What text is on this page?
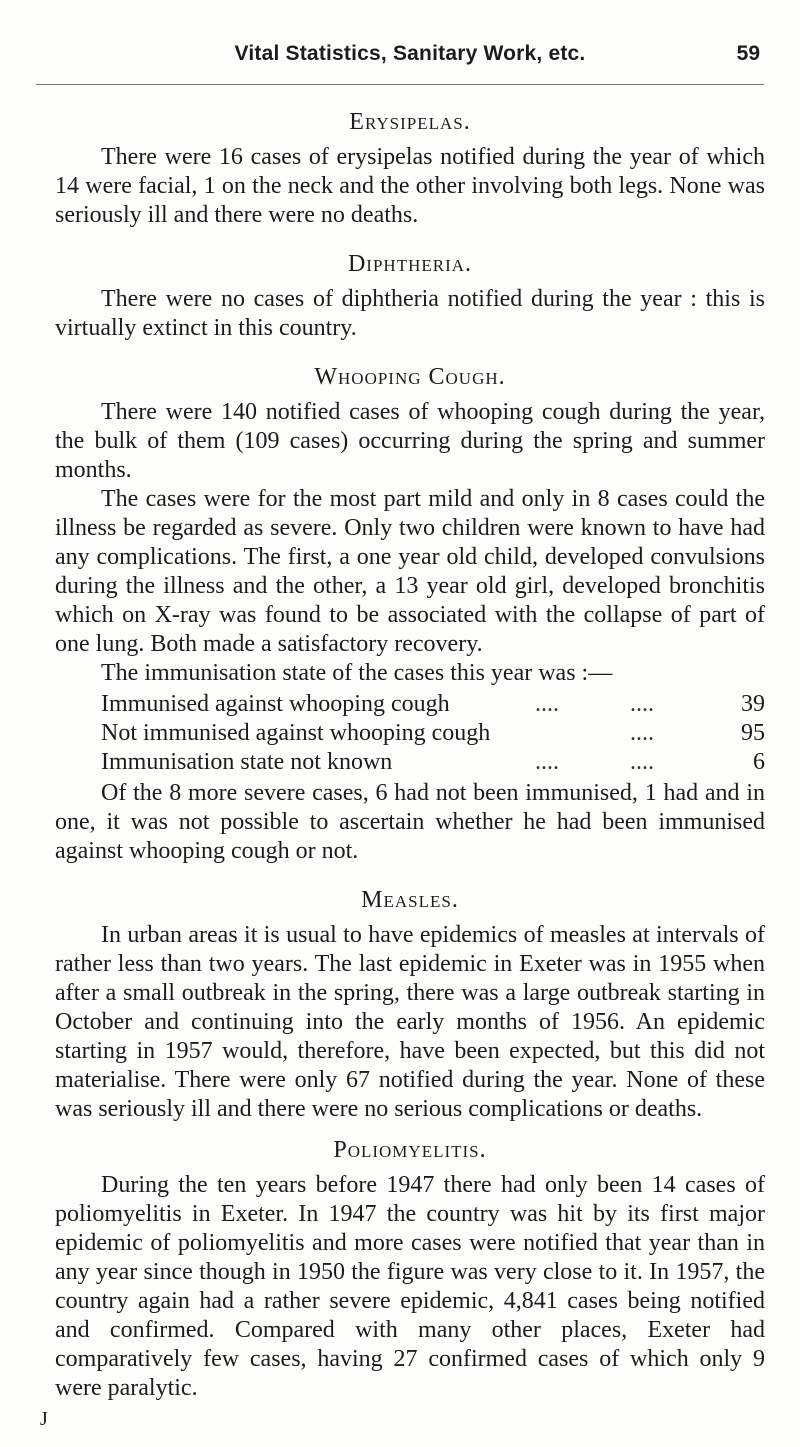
Vital Statistics, Sanitary Work, etc.	59
Erysipelas.

There were 16 cases of erysipelas notified during the year of which 14 were facial, 1 on the neck and the other involving both legs. None was seriously ill and there were no deaths.

Diphtheria.

There were no cases of diphtheria notified during the year : this is virtually extinct in this country.

Whooping Cough.

There were 140 notified cases of whooping cough during the year, the bulk of them (109 cases) occurring during the spring and summer months.

The cases were for the most part mild and only in 8 cases could the illness be regarded as severe. Only two children were known to have had any complications. The first, a one year old child, developed convulsions during the illness and the other, a 13 year old girl, developed bronchitis which on X-ray was found to be associated with the collapse of part of one lung. Both made a satisfactory recovery.

The immunisation state of the cases this year was :—

Immunised against whooping cough	....	....	39
Not immunised against whooping cough	....	95
Immunisation state not known	....	....	6

Of the 8 more severe cases, 6 had not been immunised, 1 had and in one, it was not possible to ascertain whether he had been immunised against whooping cough or not.

Measles.

In urban areas it is usual to have epidemics of measles at intervals of rather less than two years. The last epidemic in Exeter was in 1955 when after a small outbreak in the spring, there was a large outbreak starting in October and continuing into the early months of 1956. An epidemic starting in 1957 would, therefore, have been expected, but this did not materialise. There were only 67 notified during the year. None of these was seriously ill and there were no serious complications or deaths.

Poliomyelitis.

During the ten years before 1947 there had only been 14 cases of poliomyelitis in Exeter. In 1947 the country was hit by its first major epidemic of poliomyelitis and more cases were notified that year than in any year since though in 1950 the figure was very close to it. In 1957, the country again had a rather severe epidemic, 4,841 cases being notified and confirmed. Compared with many other places, Exeter had comparatively few cases, having 27 confirmed cases of which only 9 were paralytic.

J
